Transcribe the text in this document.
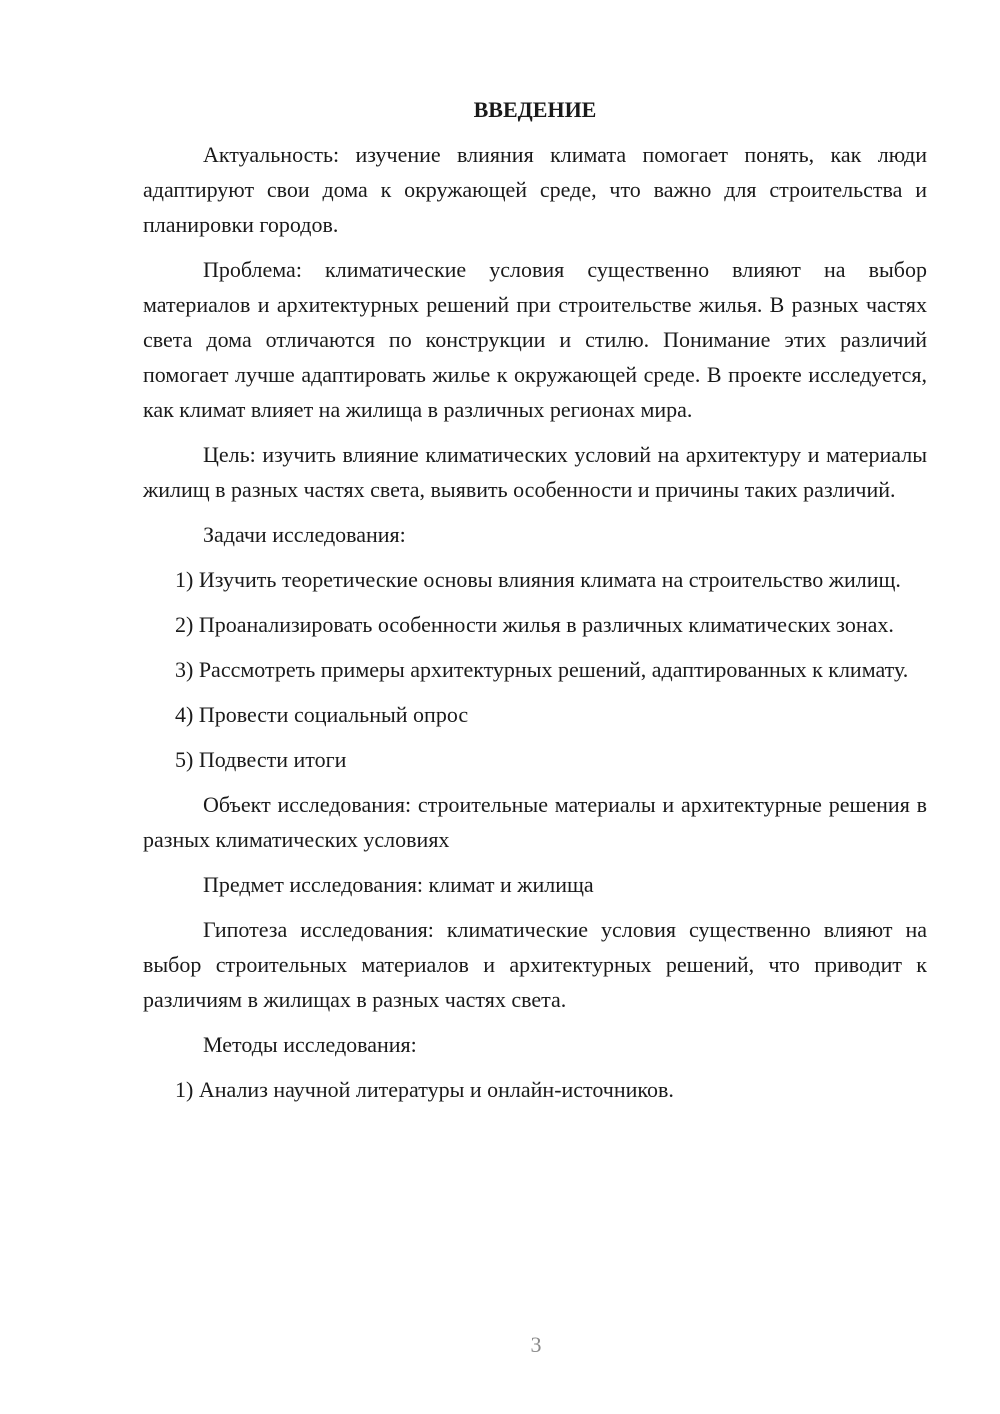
ВВЕДЕНИЕ

Актуальность: изучение влияния климата помогает понять, как люди адаптируют свои дома к окружающей среде, что важно для строительства и планировки городов.

Проблема: климатические условия существенно влияют на выбор материалов и архитектурных решений при строительстве жилья. В разных частях света дома отличаются по конструкции и стилю. Понимание этих различий помогает лучше адаптировать жилье к окружающей среде. В проекте исследуется, как климат влияет на жилища в различных регионах мира.

Цель: изучить влияние климатических условий на архитектуру и материалы жилищ в разных частях света, выявить особенности и причины таких различий.

Задачи исследования:

1) Изучить теоретические основы влияния климата на строительство жилищ.

2) Проанализировать особенности жилья в различных климатических зонах.

3) Рассмотреть примеры архитектурных решений, адаптированных к климату.

4) Провести социальный опрос

5) Подвести итоги

Объект исследования: строительные материалы и архитектурные решения в разных климатических условиях

Предмет исследования: климат и жилища

Гипотеза исследования: климатические условия существенно влияют на выбор строительных материалов и архитектурных решений, что приводит к различиям в жилищах в разных частях света.

Методы исследования:

1) Анализ научной литературы и онлайн-источников.

3
